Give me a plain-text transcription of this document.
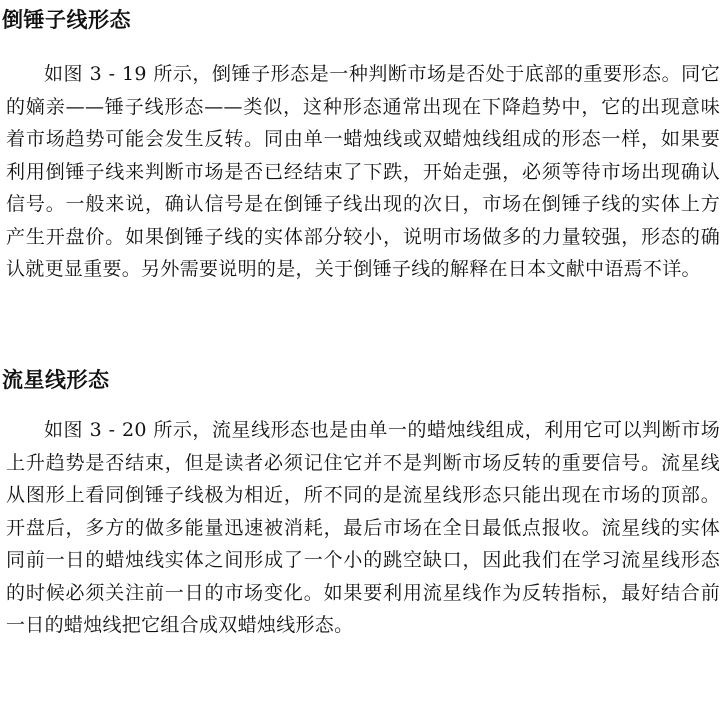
倒锤子线形态

如图 3 - 19 所示，倒锤子形态是一种判断市场是否处于底部的重要形态。同它的嫡亲——锤子线形态——类似，这种形态通常出现在下降趋势中，它的出现意味着市场趋势可能会发生反转。同由单一蜡烛线或双蜡烛线组成的形态一样，如果要利用倒锤子线来判断市场是否已经结束了下跌，开始走强，必须等待市场出现确认信号。一般来说，确认信号是在倒锤子线出现的次日，市场在倒锤子线的实体上方产生开盘价。如果倒锤子线的实体部分较小，说明市场做多的力量较强，形态的确认就更显重要。另外需要说明的是，关于倒锤子线的解释在日本文献中语焉不详。

流星线形态

如图 3 - 20 所示，流星线形态也是由单一的蜡烛线组成，利用它可以判断市场上升趋势是否结束，但是读者必须记住它并不是判断市场反转的重要信号。流星线从图形上看同倒锤子线极为相近，所不同的是流星线形态只能出现在市场的顶部。开盘后，多方的做多能量迅速被消耗，最后市场在全日最低点报收。流星线的实体同前一日的蜡烛线实体之间形成了一个小的跳空缺口，因此我们在学习流星线形态的时候必须关注前一日的市场变化。如果要利用流星线作为反转指标，最好结合前一日的蜡烛线把它组合成双蜡烛线形态。
